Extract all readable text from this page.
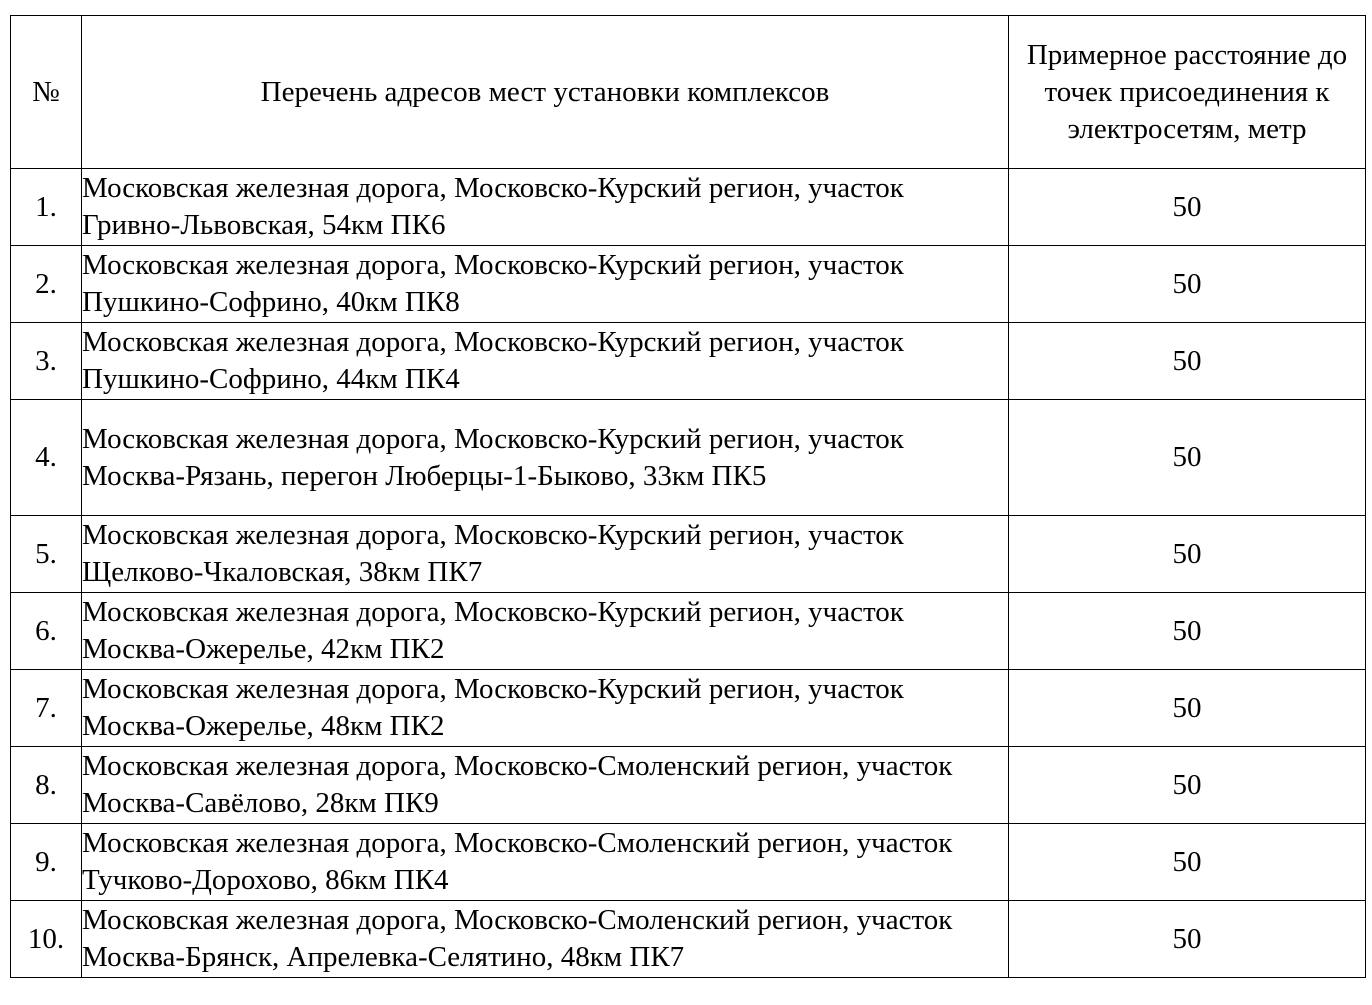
№	Перечень адресов мест установки комплексов	Примерное расстояние до точек присоединения к электросетям, метр
1.	Московская железная дорога, Московско-Курский регион, участок Гривно-Львовская, 54км ПК6	50
2.	Московская железная дорога, Московско-Курский регион, участок Пушкино-Софрино, 40км ПК8	50
3.	Московская железная дорога, Московско-Курский регион, участок Пушкино-Софрино, 44км ПК4	50
4.	Московская железная дорога, Московско-Курский регион, участок Москва-Рязань, перегон Люберцы-1-Быково, 33км ПК5	50
5.	Московская железная дорога, Московско-Курский регион, участок Щелково-Чкаловская, 38км ПК7	50
6.	Московская железная дорога, Московско-Курский регион, участок Москва-Ожерелье, 42км ПК2	50
7.	Московская железная дорога, Московско-Курский регион, участок Москва-Ожерелье, 48км ПК2	50
8.	Московская железная дорога, Московско-Смоленский регион, участок Москва-Савёлово, 28км ПК9	50
9.	Московская железная дорога, Московско-Смоленский регион, участок Тучково-Дорохово, 86км ПК4	50
10.	Московская железная дорога, Московско-Смоленский регион, участок Москва-Брянск, Апрелевка-Селятино, 48км ПК7	50
